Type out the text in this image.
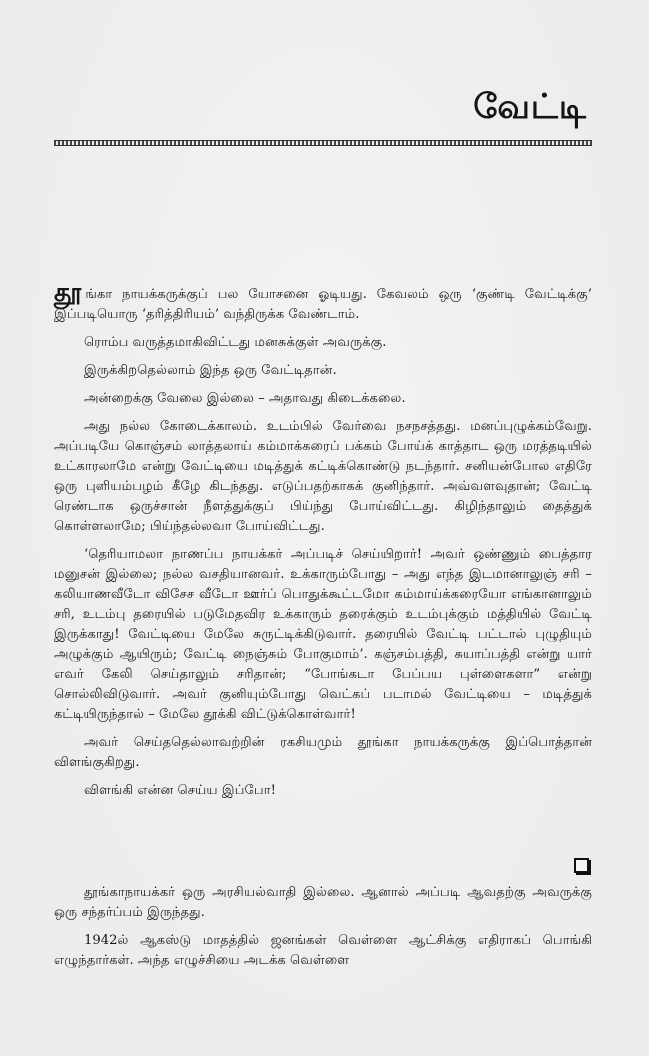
வேட்டி

தூங்கா நாயக்கருக்குப் பல யோசனை ஓடியது. கேவலம் ஒரு ‘குண்டி வேட்டிக்கு’ இப்படியொரு ‘தரித்திரியம்’ வந்திருக்க வேண்டாம்.

ரொம்ப வருத்தமாகிவிட்டது மனசுக்குள் அவருக்கு.

இருக்கிறதெல்லாம் இந்த ஒரு வேட்டிதான்.

அன்றைக்கு வேலை இல்லை – அதாவது கிடைக்கலை.

அது நல்ல கோடைக்காலம். உடம்பில் வேர்வை நசநசத்தது. மனப்புழுக்கம்வேறு. அப்படியே கொஞ்சம் லாத்தலாய் கம்மாக்கரைப் பக்கம் போய்க் காத்தாட ஒரு மரத்தடியில் உட்காரலாமே என்று வேட்டியை மடித்துக் கட்டிக்கொண்டு நடந்தார். சனியன்போல எதிரே ஒரு புளியம்பழம் கீழே கிடந்தது. எடுப்பதற்காகக் குனிந்தார். அவ்வளவுதான்; வேட்டி ரெண்டாக ஒருச்சான் நீளத்துக்குப் பிய்ந்து போய்விட்டது. கிழிந்தாலும் தைத்துக் கொள்ளலாமே; பிய்ந்தல்லவா போய்விட்டது.

‘தெரியாமலா நாணப்ப நாயக்கர் அப்படிச் செய்யிறார்! அவர் ஒண்ணும் பைத்தார மனுசன் இல்லை; நல்ல வசதியானவர். உக்காரும்போது – அது எந்த இடமானாலுஞ் சரி – கலியாணவீடோ விசேச வீடோ ஊர்ப் பொதுக்கூட்டமோ கம்மாய்க்கரையோ எங்கானாலும் சரி, உடம்பு தரையில் படுமேதவிர உக்காரும் தரைக்கும் உடம்புக்கும் மத்தியில் வேட்டி இருக்காது! வேட்டியை மேலே சுருட்டிக்கிடுவார். தரையில் வேட்டி பட்டால் புழுதியும் அழுக்கும் ஆயிரும்; வேட்டி நைஞ்சும் போகுமாம்’. கஞ்சம்பத்தி, சுயாப்பத்தி என்று யார் எவர் கேலி செய்தாலும் சரிதான்; “போங்கடா பேப்பய புள்ளைகளா” என்று சொல்லிவிடுவார். அவர் குனியும்போது வெட்கப் படாமல் வேட்டியை – மடித்துக் கட்டியிருந்தால் – மேலே தூக்கி விட்டுக்கொள்வார்!

அவர் செய்ததெல்லாவற்றின் ரகசியமும் தூங்கா நாயக்கருக்கு இப்பொத்தான் விளங்குகிறது.

விளங்கி என்ன செய்ய இப்போ!

தூங்காநாயக்கர் ஒரு அரசியல்வாதி இல்லை. ஆனால் அப்படி ஆவதற்கு அவருக்கு ஒரு சந்தர்ப்பம் இருந்தது.

1942ல் ஆகஸ்டு மாதத்தில் ஜனங்கள் வெள்ளை ஆட்சிக்கு எதிராகப் பொங்கி எழுந்தார்கள். அந்த எழுச்சியை அடக்க வெள்ளை
